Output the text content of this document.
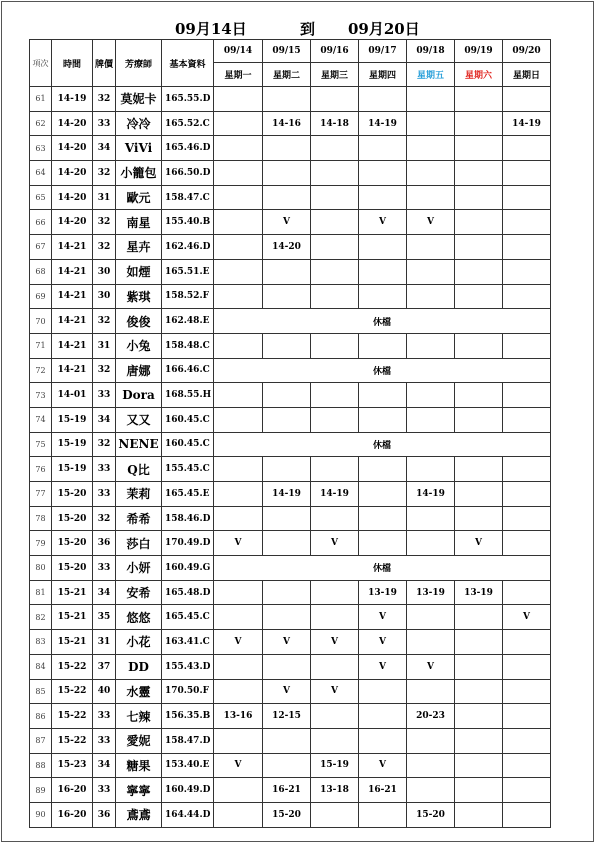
09月14日	到 09月20日
項次	時間	牌價	芳療師	基本資料	09/14	09/15	09/16	09/17	09/18	09/19	09/20
					星期一	星期二	星期三	星期四	星期五	星期六	星期日
61	14-19	32	莫妮卡	165.55.D							
62	14-20	33	冷冷	165.52.C		14-16	14-18	14-19			14-19
63	14-20	34	ViVi	165.46.D							
64	14-20	32	小籠包	166.50.D							
65	14-20	31	歐元	158.47.C							
66	14-20	32	南星	155.40.B		V		V	V		
67	14-21	32	星卉	162.46.D		14-20					
68	14-21	30	如煙	165.51.E							
69	14-21	30	紫琪	158.52.F							
70	14-21	32	俊俊	162.48.E	休檔						
71	14-21	31	小兔	158.48.C							
72	14-21	32	唐娜	166.46.C	休檔						
73	14-01	33	Dora	168.55.H							
74	15-19	34	又又	160.45.C							
75	15-19	32	NENE	160.45.C	休檔						
76	15-19	33	Q比	155.45.C							
77	15-20	33	茉莉	165.45.E		14-19	14-19		14-19		
78	15-20	32	希希	158.46.D							
79	15-20	36	莎白	170.49.D	V		V			V	
80	15-20	33	小妍	160.49.G	休檔						
81	15-21	34	安希	165.48.D				13-19	13-19	13-19	
82	15-21	35	悠悠	165.45.C				V			V
83	15-21	31	小花	163.41.C	V	V	V	V			
84	15-22	37	DD	155.43.D				V	V		
85	15-22	40	水靈	170.50.F		V	V				
86	15-22	33	七辣	156.35.B	13-16	12-15			20-23		
87	15-22	33	愛妮	158.47.D							
88	15-23	34	糖果	153.40.E	V		15-19	V			
89	16-20	33	寧寧	160.49.D		16-21	13-18	16-21			
90	16-20	36	鳶鳶	164.44.D		15-20			15-20		
